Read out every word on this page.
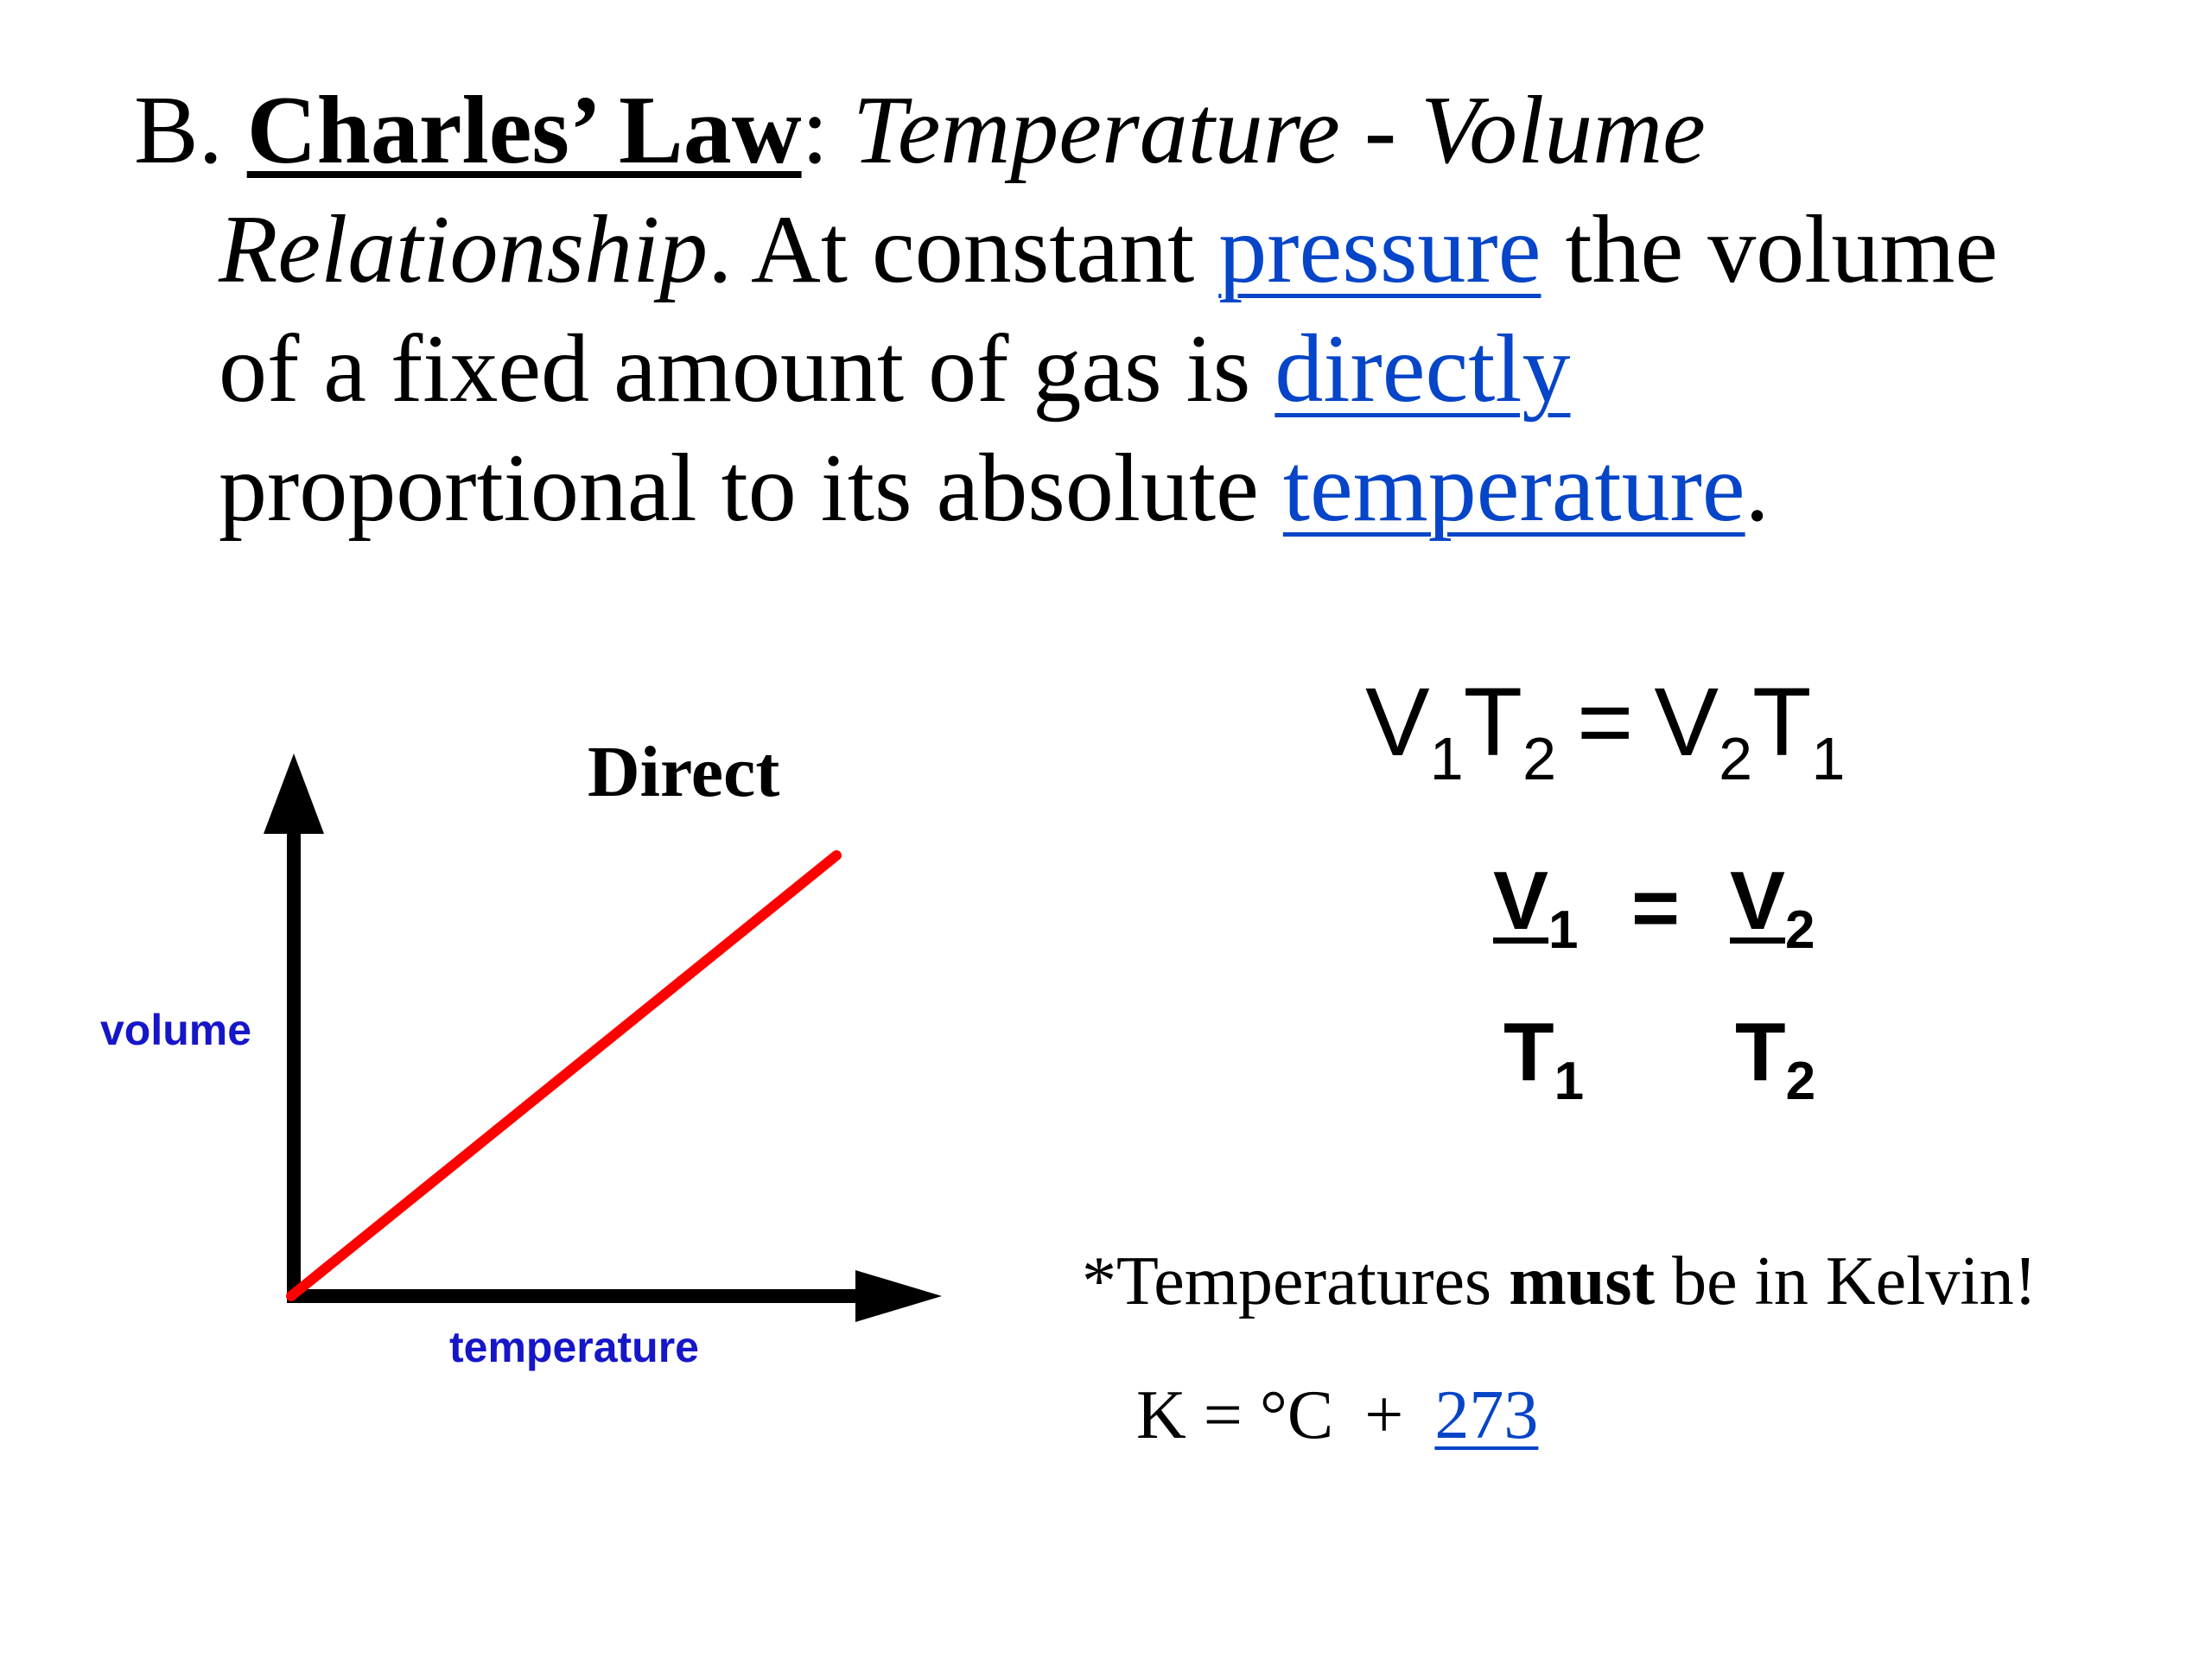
B. Charles’ Law: Temperature - Volume
Relationship. At constant pressure the volume
of a fixed amount of gas is directly
proportional to its absolute temperature.
Direct
volume
temperature
$V_1T_2 = V_2T_1$
$V_1 = V_2$
$T_1$ $T_2$
*Temperatures must be in Kelvin!
K = °C + 273
